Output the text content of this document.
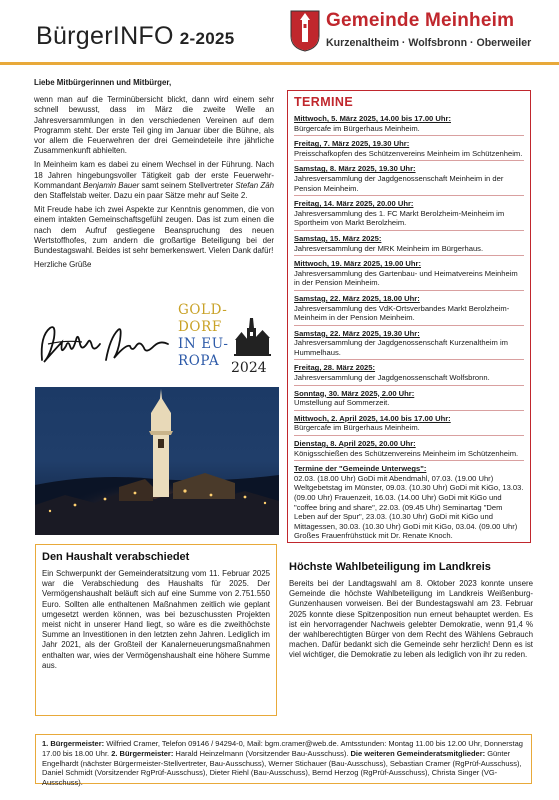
BürgerINFO 2-2025
Gemeinde Meinheim
Kurzenaltheim · Wolfsbronn · Oberweiler

Liebe Mitbürgerinnen und Mitbürger,

wenn man auf die Terminübersicht blickt, dann wird einem sehr schnell bewusst, dass im März die zweite Welle an Jahresversammlungen in den verschiedenen Vereinen auf dem Programm steht. Der erste Teil ging im Januar über die Bühne, als vor allem die Feuerwehren der drei Gemeindeteile ihre jährliche Zusammenkunft abhielten.

In Meinheim kam es dabei zu einem Wechsel in der Führung. Nach 18 Jahren hingebungsvoller Tätigkeit gab der erste Feuerwehr-Kommandant Benjamin Bauer samt seinem Stellvertreter Stefan Zäh den Staffelstab weiter. Dazu ein paar Sätze mehr auf Seite 2.

Mit Freude habe ich zwei Aspekte zur Kenntnis genommen, die von einem intakten Gemeinschaftsgefühl zeugen. Das ist zum einen die nach dem Aufruf gestiegene Beanspruchung des neuen Wertstoffhofes, zum andern die großartige Beteiligung bei der Bundestagswahl. Beides ist sehr bemerkenswert. Vielen Dank dafür!

Herzliche Grüße

GOLD-
DORF
IN EU-
ROPA 2024
TERMINE
Mittwoch, 5. März 2025, 14.00 bis 17.00 Uhr:
Bürgercafe im Bürgerhaus Meinheim.
Freitag, 7. März 2025, 19.30 Uhr:
Preisschafkopfen des Schützenvereins Meinheim im Schützenheim.
Samstag, 8. März 2025, 19.30 Uhr:
Jahresversammlung der Jagdgenossenschaft Meinheim in der Pension Meinheim.
Freitag, 14. März 2025, 20.00 Uhr:
Jahresversammlung des 1. FC Markt Berolzheim-Meinheim im Sportheim von Markt Berolzheim.
Samstag, 15. März 2025:
Jahresversammlung der MRK Meinheim im Bürgerhaus.
Mittwoch, 19. März 2025, 19.00 Uhr:
Jahresversammlung des Gartenbau- und Heimatvereins Meinheim in der Pension Meinheim.
Samstag, 22. März 2025, 18.00 Uhr:
Jahresversammlung des VdK-Ortsverbandes Markt Berolzheim-Meinheim in der Pension Meinheim.
Samstag, 22. März 2025, 19.30 Uhr:
Jahresversammlung der Jagdgenossenschaft Kurzenaltheim im Hummelhaus.
Freitag, 28. März 2025:
Jahresversammlung der Jagdgenossenschaft Wolfsbronn.
Sonntag, 30. März 2025, 2.00 Uhr:
Umstellung auf Sommerzeit.
Mittwoch, 2. April 2025, 14.00 bis 17.00 Uhr:
Bürgercafe im Bürgerhaus Meinheim.
Dienstag, 8. April 2025, 20.00 Uhr:
Königsschießen des Schützenvereins Meinheim im Schützenheim.
Termine der "Gemeinde Unterwegs":
02.03. (18.00 Uhr) GoDi mit Abendmahl, 07.03. (19.00 Uhr) Weltgebetstag im Münster, 09.03. (10.30 Uhr) GoDi mit KiGo, 13.03. (09.00 Uhr) Frauenzeit, 16.03. (14.00 Uhr) GoDi mit KiGo und "coffee bring and share", 22.03. (09.45 Uhr) Seminartag "Dem Leben auf der Spur", 23.03. (10.30 Uhr) GoDi mit KiGo und Mittagessen, 30.03. (10.30 Uhr) GoDi mit KiGo, 03.04. (09.00 Uhr) Großes Frauenfrühstück mit Dr. Renate Knoch.
Den Haushalt verabschiedet
Ein Schwerpunkt der Gemeinderatsitzung vom 11. Februar 2025 war die Verabschiedung des Haushalts für 2025. Der Vermögenshaushalt beläuft sich auf eine Summe von 2.751.550 Euro. Sollten alle enthaltenen Maßnahmen zeitlich wie geplant umgesetzt werden können, was bei bezuschussten Projekten meist nicht in unserer Hand liegt, so wäre es die zweithöchste Summe an Investitionen in den letzten zehn Jahren. Lediglich im Jahr 2021, als der Großteil der Kanalerneuerungsmaßnahmen enthalten war, wies der Vermögenshaushalt eine höhere Summe aus.
Höchste Wahlbeteiligung im Landkreis
Bereits bei der Landtagswahl am 8. Oktober 2023 konnte unsere Gemeinde die höchste Wahlbeteiligung im Landkreis Weißenburg-Gunzenhausen vorweisen. Bei der Bundestagswahl am 23. Februar 2025 konnte diese Spitzenposition nun erneut behauptet werden. Es ist ein hervorragender Nachweis gelebter Demokratie, wenn 91,4 % der wahlberechtigten Bürger von dem Recht des Wählens Gebrauch machen. Dafür bedankt sich die Gemeinde sehr herzlich! Denn es ist viel wichtiger, die Demokratie zu leben als lediglich von ihr zu reden.
1. Bürgermeister: Wilfried Cramer, Telefon 09146 / 94294-0, Mail: bgm.cramer@web.de. Amtsstunden: Montag 11.00 bis 12.00 Uhr, Donnerstag 17.00 bis 18.00 Uhr. 2. Bürgermeister: Harald Heinzelmann (Vorsitzender Bau-Ausschuss). Die weiteren Gemeinderatsmitglieder: Günter Engelhardt (nächster Bürgermeister-Stellvertreter, Bau-Ausschuss), Werner Stichauer (Bau-Ausschuss), Sebastian Cramer (RgPrüf-Ausschuss), Daniel Schmidt (Vorsitzender RgPrüf-Ausschuss), Dieter Riehl (Bau-Ausschuss), Bernd Herzog (RgPrüf-Ausschuss), Christa Singer (VG-Ausschuss).
